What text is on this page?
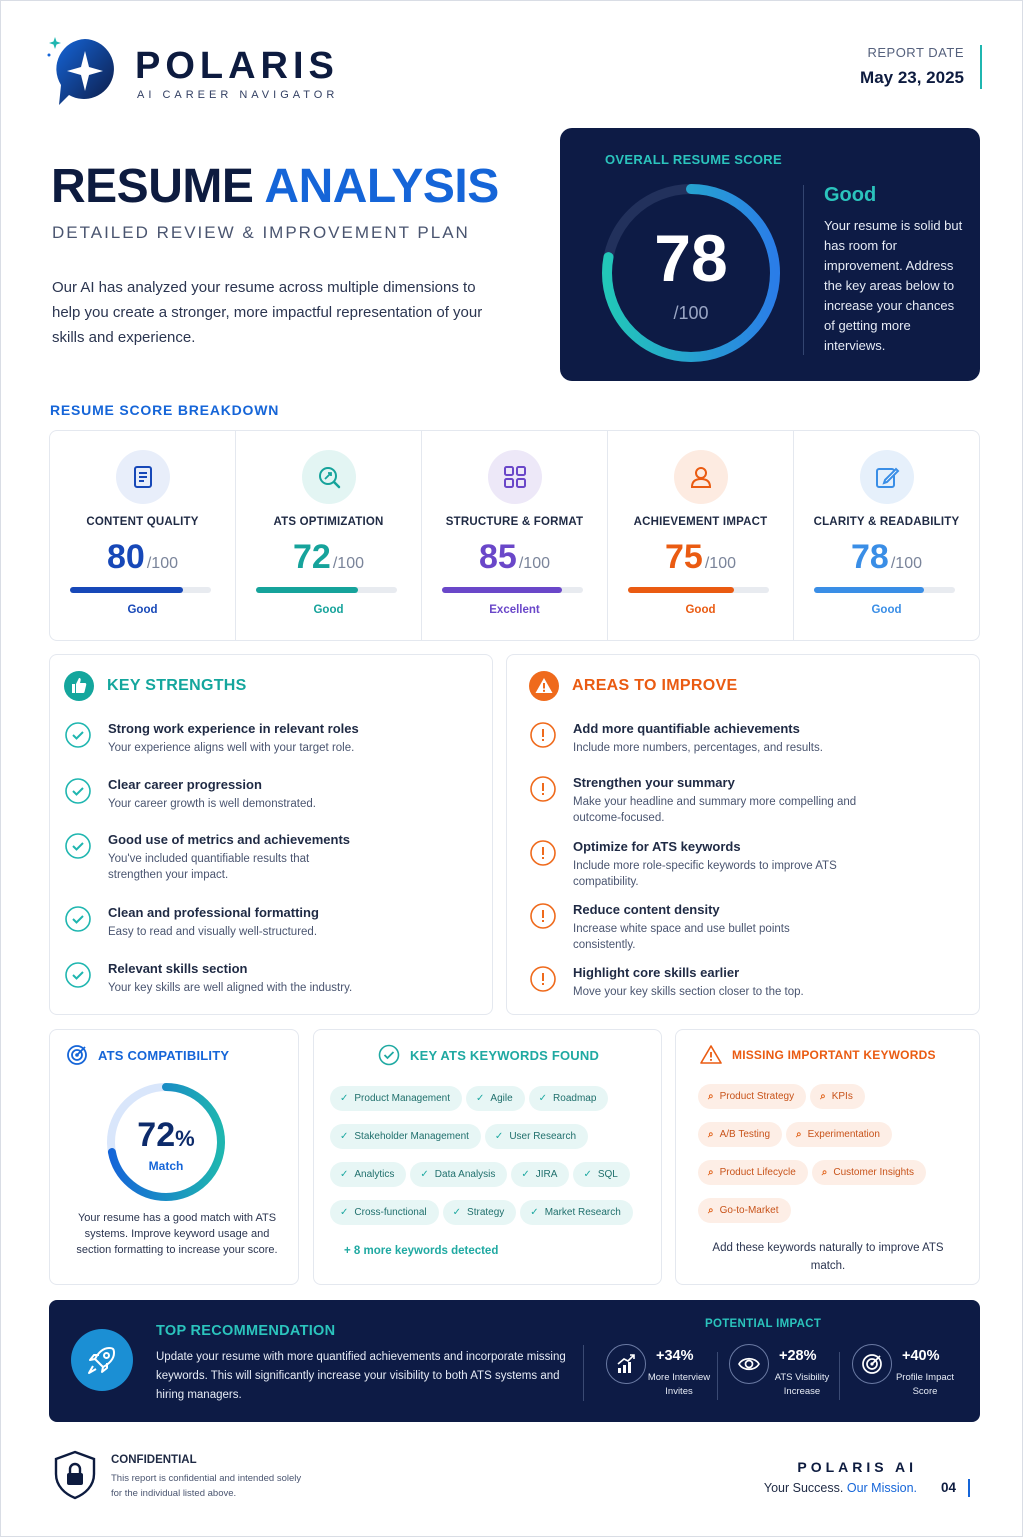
POLARIS
AI CAREER NAVIGATOR
REPORT DATE
May 23, 2025
RESUME ANALYSIS
DETAILED REVIEW & IMPROVEMENT PLAN
Our AI has analyzed your resume across multiple dimensions to help you create a stronger, more impactful representation of your skills and experience.
OVERALL RESUME SCORE
78
/100
Good
Your resume is solid but has room for improvement. Address the key areas below to increase your chances of getting more interviews.
RESUME SCORE BREAKDOWN
CONTENT QUALITY
80 /100
Good
ATS OPTIMIZATION
72 /100
Good
STRUCTURE & FORMAT
85 /100
Excellent
ACHIEVEMENT IMPACT
75 /100
Good
CLARITY & READABILITY
78 /100
Good
KEY STRENGTHS
Strong work experience in relevant roles
Your experience aligns well with your target role.
Clear career progression
Your career growth is well demonstrated.
Good use of metrics and achievements
You've included quantifiable results that strengthen your impact.
Clean and professional formatting
Easy to read and visually well-structured.
Relevant skills section
Your key skills are well aligned with the industry.
AREAS TO IMPROVE
Add more quantifiable achievements
Include more numbers, percentages, and results.
Strengthen your summary
Make your headline and summary more compelling and outcome-focused.
Optimize for ATS keywords
Include more role-specific keywords to improve ATS compatibility.
Reduce content density
Increase white space and use bullet points consistently.
Highlight core skills earlier
Move your key skills section closer to the top.
ATS COMPATIBILITY
72%
Match
Your resume has a good match with ATS systems. Improve keyword usage and section formatting to increase your score.
KEY ATS KEYWORDS FOUND
✓ Product Management	✓ Agile	✓ Roadmap
✓ Stakeholder Management	✓ User Research
✓ Analytics	✓ Data Analysis	✓ JIRA	✓ SQL
✓ Cross-functional	✓ Strategy	✓ Market Research
+ 8 more keywords detected
MISSING IMPORTANT KEYWORDS
⌕ Product Strategy	⌕ KPIs
⌕ A/B Testing	⌕ Experimentation
⌕ Product Lifecycle	⌕ Customer Insights
⌕ Go-to-Market
Add these keywords naturally to improve ATS match.
TOP RECOMMENDATION
Update your resume with more quantified achievements and incorporate missing keywords. This will significantly increase your visibility to both ATS systems and hiring managers.
POTENTIAL IMPACT
+34%
More Interview Invites
+28%
ATS Visibility Increase
+40%
Profile Impact Score
CONFIDENTIAL
This report is confidential and intended solely for the individual listed above.
POLARIS AI
Your Success. Our Mission. 04
